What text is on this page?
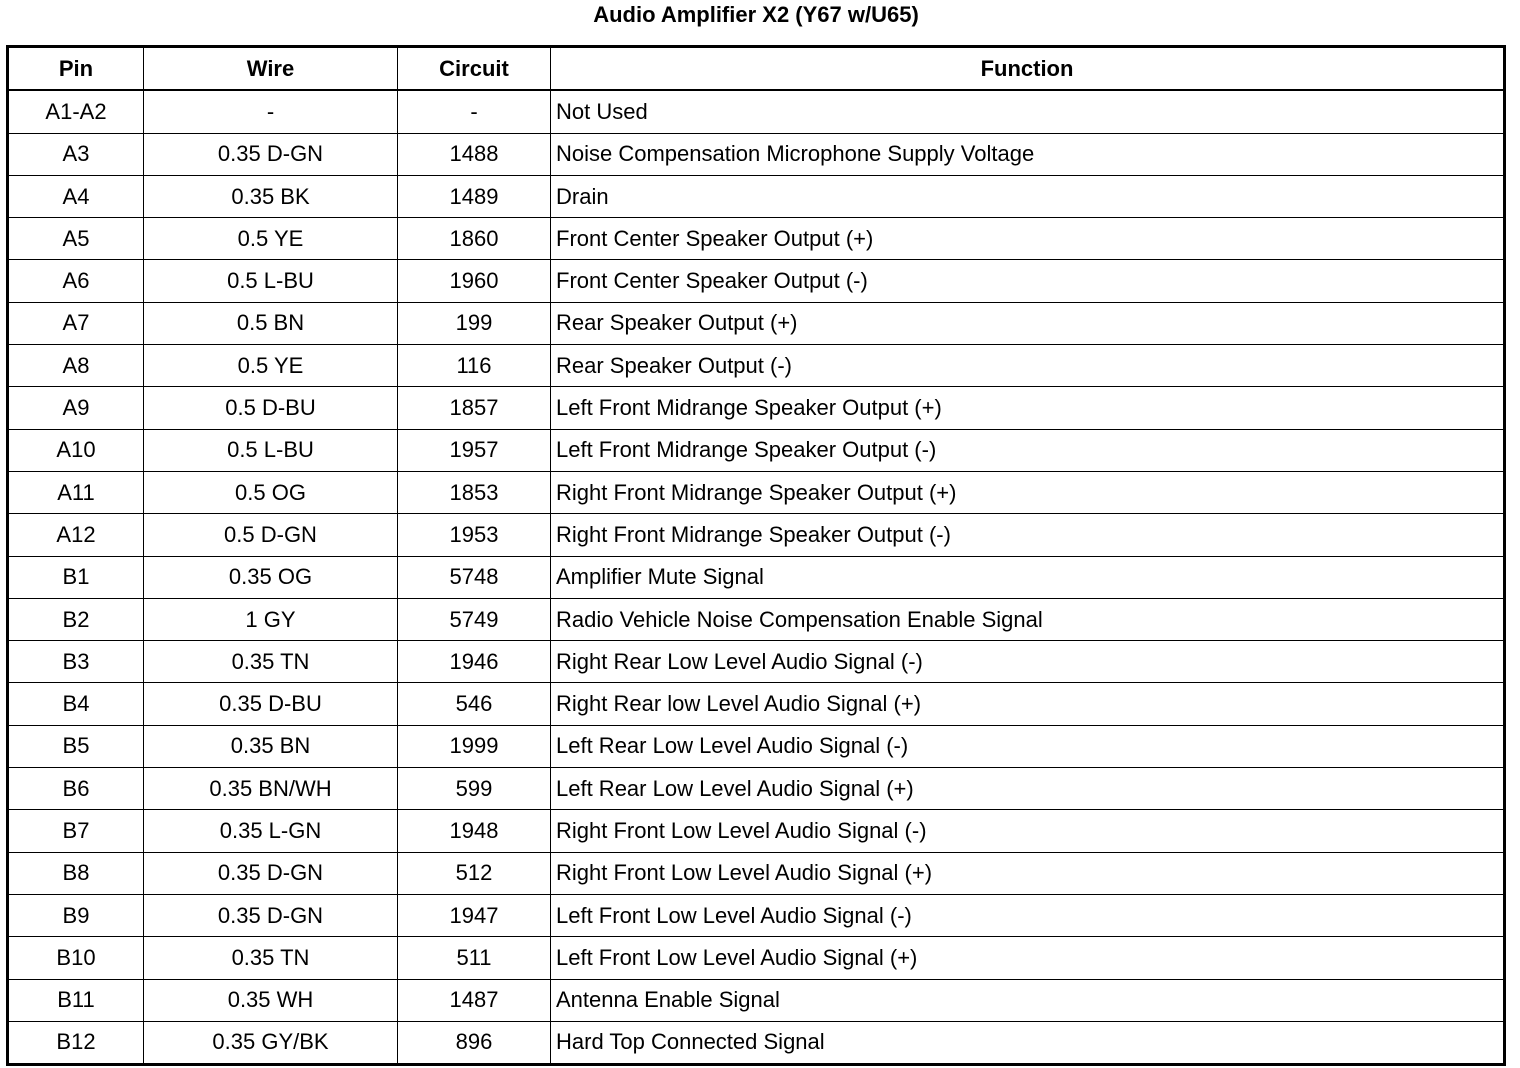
Audio Amplifier X2 (Y67 w/U65)
Pin	Wire	Circuit	Function
A1-A2	-	-	Not Used
A3	0.35 D-GN	1488	Noise Compensation Microphone Supply Voltage
A4	0.35 BK	1489	Drain
A5	0.5 YE	1860	Front Center Speaker Output (+)
A6	0.5 L-BU	1960	Front Center Speaker Output (-)
A7	0.5 BN	199	Rear Speaker Output (+)
A8	0.5 YE	116	Rear Speaker Output (-)
A9	0.5 D-BU	1857	Left Front Midrange Speaker Output (+)
A10	0.5 L-BU	1957	Left Front Midrange Speaker Output (-)
A11	0.5 OG	1853	Right Front Midrange Speaker Output (+)
A12	0.5 D-GN	1953	Right Front Midrange Speaker Output (-)
B1	0.35 OG	5748	Amplifier Mute Signal
B2	1 GY	5749	Radio Vehicle Noise Compensation Enable Signal
B3	0.35 TN	1946	Right Rear Low Level Audio Signal (-)
B4	0.35 D-BU	546	Right Rear low Level Audio Signal (+)
B5	0.35 BN	1999	Left Rear Low Level Audio Signal (-)
B6	0.35 BN/WH	599	Left Rear Low Level Audio Signal (+)
B7	0.35 L-GN	1948	Right Front Low Level Audio Signal (-)
B8	0.35 D-GN	512	Right Front Low Level Audio Signal (+)
B9	0.35 D-GN	1947	Left Front Low Level Audio Signal (-)
B10	0.35 TN	511	Left Front Low Level Audio Signal (+)
B11	0.35 WH	1487	Antenna Enable Signal
B12	0.35 GY/BK	896	Hard Top Connected Signal
